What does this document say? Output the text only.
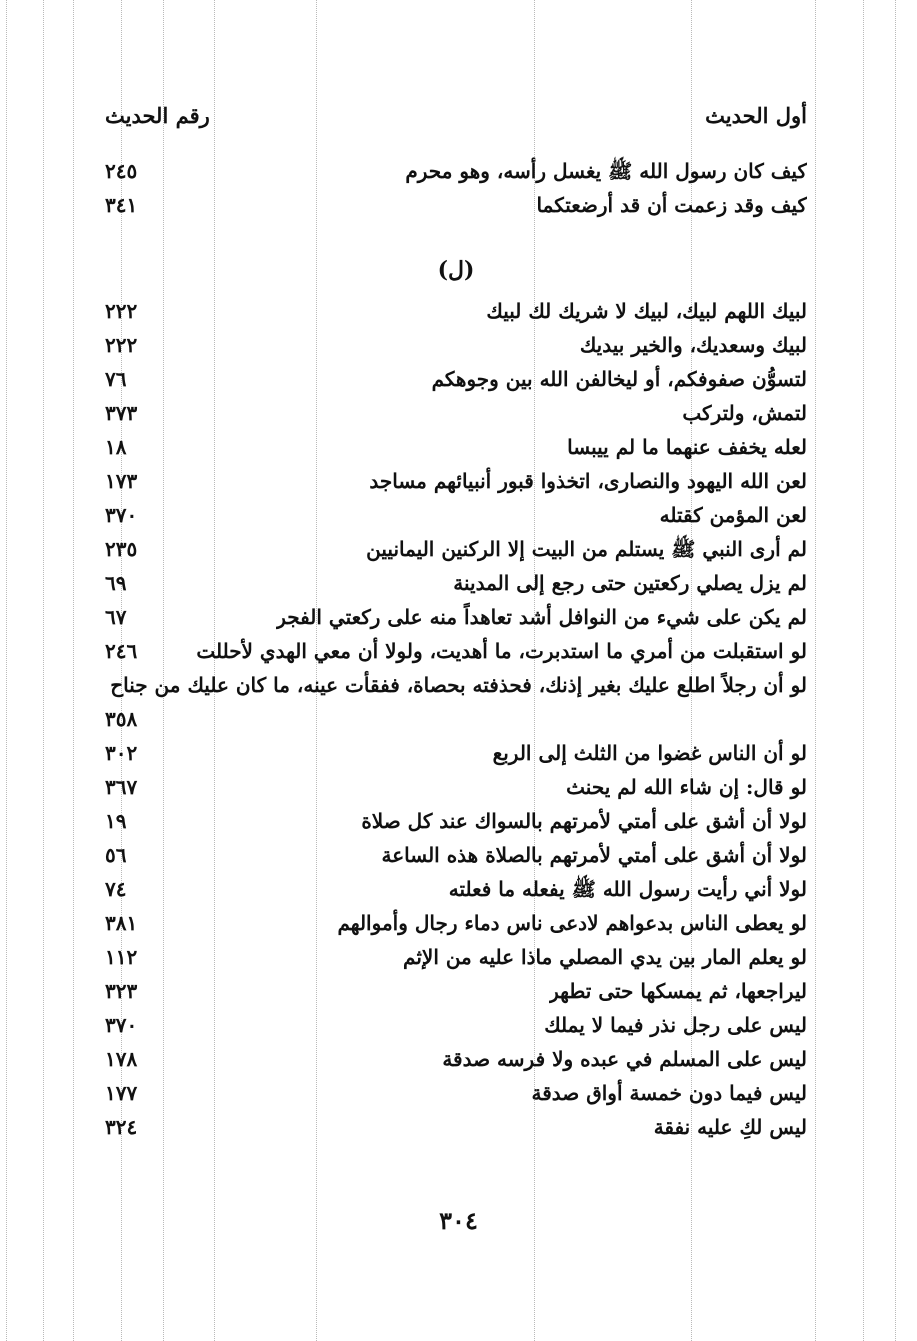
أول الحديث
رقم الحديث
كيف كان رسول الله ﷺ يغسل رأسه، وهو محرم
٢٤٥
كيف وقد زعمت أن قد أرضعتكما
٣٤١
(ل)
لبيك اللهم لبيك، لبيك لا شريك لك لبيك
٢٢٢
لبيك وسعديك، والخير بيديك
٢٢٢
لتسوُّن صفوفكم، أو ليخالفن الله بين وجوهكم
٧٦
لتمش، ولتركب
٣٧٣
لعله يخفف عنهما ما لم ييبسا
١٨
لعن الله اليهود والنصارى، اتخذوا قبور أنبيائهم مساجد
١٧٣
لعن المؤمن كقتله
٣٧٠
لم أرى النبي ﷺ يستلم من البيت إلا الركنين اليمانيين
٢٣٥
لم يزل يصلي ركعتين حتى رجع إلى المدينة
٦٩
لم يكن على شيء من النوافل أشد تعاهداً منه على ركعتي الفجر
٦٧
لو استقبلت من أمري ما استدبرت، ما أهديت، ولولا أن معي الهدي لأحللت
٢٤٦
لو أن رجلاً اطلع عليك بغير إذنك، فحذفته بحصاة، ففقأت عينه، ما كان عليك من جناح
٣٥٨
لو أن الناس غضوا من الثلث إلى الربع
٣٠٢
لو قال: إن شاء الله لم يحنث
٣٦٧
لولا أن أشق على أمتي لأمرتهم بالسواك عند كل صلاة
١٩
لولا أن أشق على أمتي لأمرتهم بالصلاة هذه الساعة
٥٦
لولا أني رأيت رسول الله ﷺ يفعله ما فعلته
٧٤
لو يعطى الناس بدعواهم لادعى ناس دماء رجال وأموالهم
٣٨١
لو يعلم المار بين يدي المصلي ماذا عليه من الإثم
١١٢
ليراجعها، ثم يمسكها حتى تطهر
٣٢٣
ليس على رجل نذر فيما لا يملك
٣٧٠
ليس على المسلم في عبده ولا فرسه صدقة
١٧٨
ليس فيما دون خمسة أواق صدقة
١٧٧
ليس لكِ عليه نفقة
٣٢٤
٣٠٤
